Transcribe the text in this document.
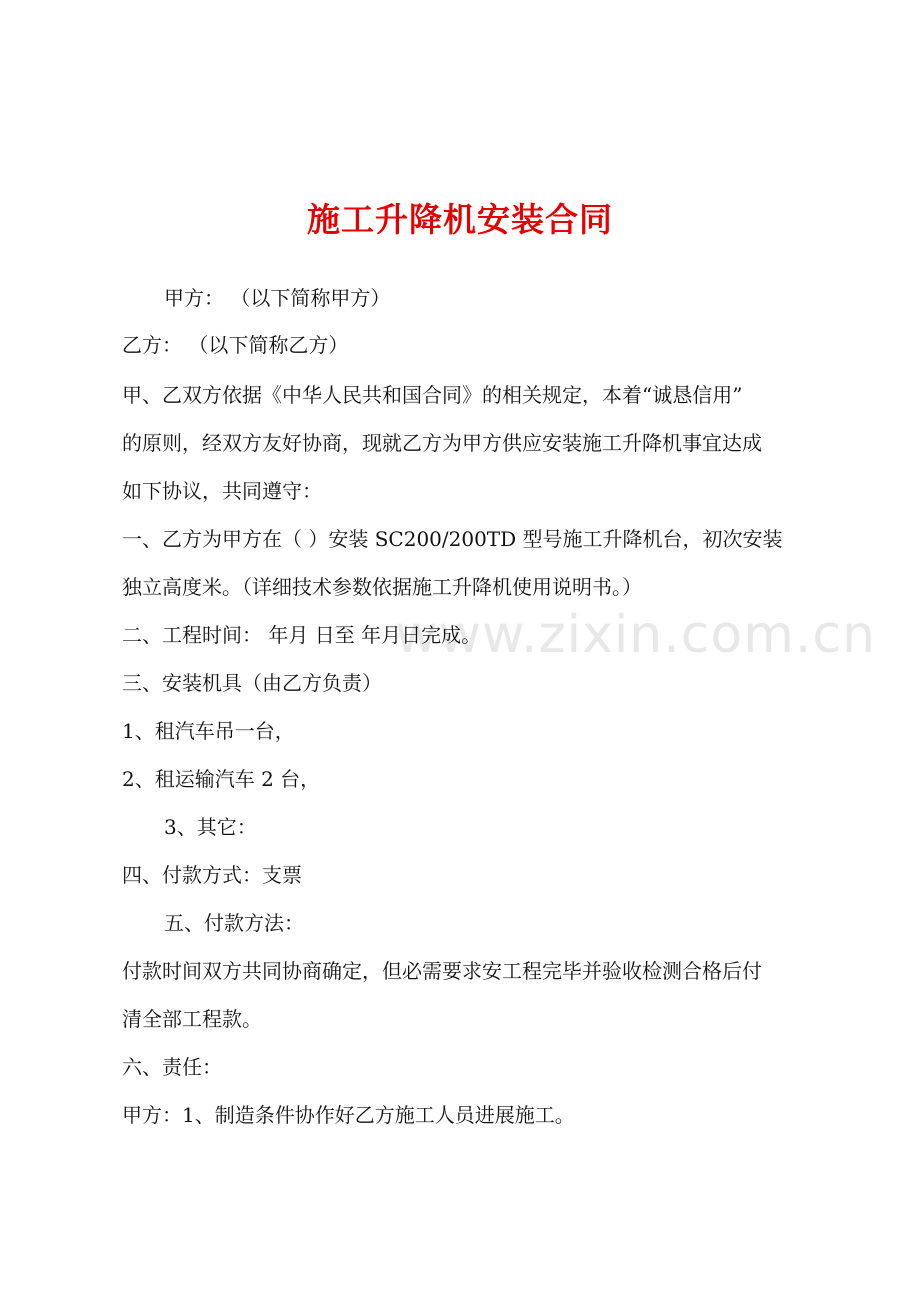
www.zixin.com.cn
施工升降机安装合同
甲方： （以下简称甲方）
乙方： （以下简称乙方）
甲、乙双方依据《中华人民共和国合同》的相关规定，本着“诚恳信用”
的原则，经双方友好协商，现就乙方为甲方供应安装施工升降机事宜达成
如下协议，共同遵守：
一、乙方为甲方在（ ）安装 SC200/200TD 型号施工升降机台，初次安装
独立高度米。（详细技术参数依据施工升降机使用说明书。）
二、工程时间： 年月 日至 年月日完成。
三、安装机具（由乙方负责）
1、租汽车吊一台，
2、租运输汽车 2 台，
3、其它：
四、付款方式：支票
五、付款方法：
付款时间双方共同协商确定，但必需要求安工程完毕并验收检测合格后付
清全部工程款。
六、责任：
甲方：1、制造条件协作好乙方施工人员进展施工。
